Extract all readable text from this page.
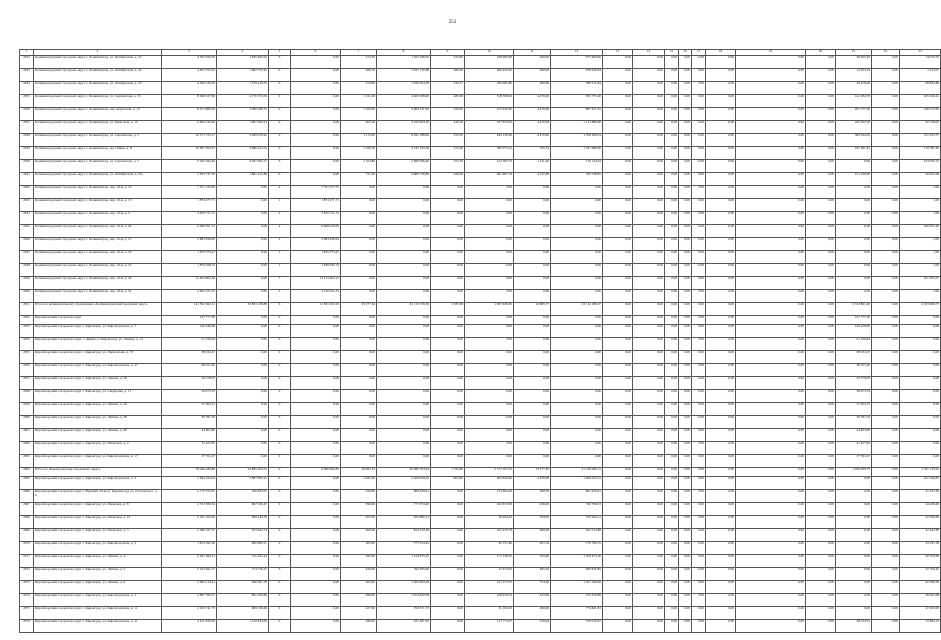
253
1	2	3	4	5	6	7	8	9	10	11	12	13	14	15	16	17	18	19	20	21	22	23
2932	Калининградский городской округ, г. Калининград, ул. Октябрьская, д. 23	4 782 050,50	1 845 846,94	0	0,00	574,50	1 055 298,30	333,90	238 085,90	490,00	975 608,90	0,00	0,00	0,00	0,00	0,00	0,00	0,00	0,00	58 305,40	0,00	14 076,70
2933	Калининградский городской округ, г. Калининград, ул. Октябрьская, д. 24	4 603 353,03	1 682 752,42	0	0,00	560,76	1 947 150,68	380,00	180 450,00	490,00	978 420,94	0,00	0,00	0,00	0,00	0,00	0,00	0,00	0,00	15 623,24	0,00	3 153,07
2934	Калининградский городской округ, г. Калининград, ул. Октябрьская, д. 25	4 599 530,30	1 579 419,35	0	0,00	579,90	1 938 504,38	336,17	185 965,80	490,00	788 315,84	0,00	0,00	0,00	0,00	0,00	0,00	0,00	0,00	39 479,90	0,00	68 825,86
2935	Калининградский городской округ, г. Калининград, ул. Сержантова, д. 72	8 048 327,96	4 170 723,59	0	0,00	1 151,00	4 463 308,00	485,00	518 598,02	4 470,00	835 575,20	0,00	0,00	0,00	0,00	0,00	0,00	0,00	0,00	141 284,70	0,00	165 349,41
2936	Калининградский городской округ, г. Калининград, пер. Береговой, д. 12	8 271 880,26	3 466 180,35	0	0,00	1 100,00	4 609 311,00	340,00	473 220,20	4 470,00	897 451,52	0,00	0,00	0,00	0,00	0,00	0,00	0,00	0,00	201 577,00	0,00	148 152,65
2937	Калининградский городской округ, г. Калининград, ул. Береговая, д. 13	6 692 245,09	1 967 306,13	0	0,00	603,50	3 019 604,50	436,50	437 670,02	4 470,00	1 131 886,60	0,00	0,00	0,00	0,00	0,00	0,00	0,00	0,00	185 202,50	0,00	92 749,03
2938	Калининградский городской округ, г. Калининград, ул. Сержантова, д. 5	10 171 725,17	5 289 979,42	0	0,00	1 115,00	6 041 188,00	335,50	294 158,20	4 470,00	1 799 308,34	0,00	0,00	0,00	0,00	0,00	0,00	0,00	0,00	309 544,50	0,00	211 035,57
2939	Калининградский городской округ, г. Калининград, пр-т Мира, д. 8	10 097 093,97	3 886 222,54	0	0,00	1 106,50	4 745 193,50	370,40	382 075,22	795,74	1 331 688,00	0,00	0,00	0,00	0,00	0,00	0,00	0,00	0,00	191 361,81	0,00	179 781,40
2940	Калининградский городской округ, г. Калининград, ул. Сержантова, д. 7	9 450 492,46	4 097 365,17	0	0,00	1 104,80	5 869 506,40	353,79	412 387,53	1 411,40	716 124,64	0,00	0,00	0,00	0,00	0,00	0,00	0,00	0,00	0,00	0,00	233 950,72
2941	Калининградский городской округ, г. Калининград, ул. Октябрьская, д. 21а	5 953 737,76	1 861 410,86	0	0,00	721,00	2 686 720,80	326,00	461 687,34	4 157,00	330 748,85	0,00	0,00	0,00	0,00	0,00	0,00	0,00	0,00	151 330,60	0,00	26 625,28
2942	Калининградский городской округ, г. Калининград, пер. 10-й, д. 19	7 551 155,00	0,00	4	7 551 077,57	0,00	0,00	0,00	0,00	0,00	0,00	0,00	0,00	0,00	0,00	0,00	0,00	0,00	0,00	0,00	0,00	1,00
2943	Калининградский городской округ, г. Калининград, пер. 10-й, д. 15	1 874 277,71	0,00	1	1 874 271,71	0,00	0,00	0,00	0,00	0,00	0,00	0,00	0,00	0,00	0,00	0,00	0,00	0,00	0,00	0,00	0,00	1,00
2944	Калининградский городской округ, г. Калининград, пер. 10-й, д. 5	3 670 721,72	0,00	2	3 670 721,72	0,00	0,00	0,00	0,00	0,00	0,00	0,00	0,00	0,00	0,00	0,00	0,00	0,00	0,00	0,00	0,00	1,00
2945	Калининградский городской округ, г. Калининград, пер. 10-й, д. 40	9 560 651,31	0,00	2	9 469 019,05	0,00	0,00	0,00	0,00	0,00	0,00	0,00	0,00	0,00	0,00	0,00	0,00	0,00	0,00	0,00	0,00	166 655,40
2946	Калининградский городской округ, г. Калининград, пер. 10-й, д. 15	2 883 836,90	0,00	2	2 883 836,93	0,00	0,00	0,00	0,00	0,00	0,00	0,00	0,00	0,00	0,00	0,00	0,00	0,00	0,00	0,00	0,00	1,00
2947	Калининградский городской округ, г. Калининград, пер. 10-й, д. 18	1 879 375,47	0,00	1	1 879 375,47	0,00	0,00	0,00	0,00	0,00	0,00	0,00	0,00	0,00	0,00	0,00	0,00	0,00	0,00	0,00	0,00	1,00
2948	Калининградский городской округ, г. Калининград, пер. 10-й, д. 16	1 879 298,74	0,00	1	1 638 295,74	0,00	0,00	0,00	0,00	0,00	0,00	0,00	0,00	0,00	0,00	0,00	0,00	0,00	0,00	0,00	0,00	1,00
2949	Калининградский городской округ, г. Калининград, пер. 10-й, д. 43	12 403 804,38	0,00	7	12 174 402,13	0,00	0,00	0,00	0,00	0,00	0,00	0,00	0,00	0,00	0,00	0,00	0,00	0,00	0,00	0,00	0,00	227 202,07
2950	Калининградский городской округ, г. Калининград, пер. 10-й, д. 52	2 695 357,23	0,00	3	2 130 541,23	0,00	0,00	0,00	0,00	0,00	0,00	0,00	0,00	0,00	0,00	0,00	0,00	0,00	0,00	0,00	0,00	1,00
2951	Итого по муниципальному образованию «Калининградский городской округ»	141 391 562,11	32 833 138,89	6	11 581 631,03	23 277,34	61 113 729,30	1 383,38	1 097 636,00	16 685,77	23 112 186,57	0,00	0,00	0,00	0,00	0,00	0,00	0,00	0,00	2 722 861,20	0,00	2 163 066,77
2952	Кировградский городской округ	147 777,36	0,00	0	0,00	0,00	0,00	0,00	0,00	0,00	0,00	0,00	0,00	0,00	0,00	0,00	0,00	0,00	0,00	147 777,36	0,00	0,00
2953	Кировградский городской округ, г. Кировград, ул. Кировградская, д. 7	140 348,69	0,00	0	0,00	0,00	0,00	0,00	0,00	0,00	0,00	0,00	0,00	0,00	0,00	0,00	0,00	0,00	0,00	140 348,69	0,00	0,00
2954	Кировградский городской округ, г. Левиха (г. Кировград), ул. Ленина, д. 14	51 226,64	0,00	0	0,00	0,00	0,00	0,00	0,00	0,00	0,00	0,00	0,00	0,00	0,00	0,00	0,00	0,00	0,00	51 226,64	0,00	0,00
2955	Кировградский городской округ, г. Кировград, ул. Лермонтова, д. 37	38 932,47	0,00	0	0,00	0,00	0,00	0,00	0,00	0,00	0,00	0,00	0,00	0,00	0,00	0,00	0,00	0,00	0,00	38 932,47	0,00	0,00
2956	Кировградский городской округ, г. Кировград, ул. Кировградская, д. 27	60 011,40	0,00	0	0,00	0,00	0,00	0,00	0,00	0,00	0,00	0,00	0,00	0,00	0,00	0,00	0,00	0,00	0,00	60 011,40	0,00	0,00
2957	Кировградский городской округ, г. Кировград, ул. Ленина, д. 28	29 579,05	0,00	0	0,00	0,00	0,00	0,00	0,00	0,00	0,00	0,00	0,00	0,00	0,00	0,00	0,00	0,00	0,00	29 579,05	0,00	0,00
2958	Кировградский городской округ, г. Кировград, ул. Свердлова, д. 11	56 875,53	0,00	0	0,00	0,00	0,00	0,00	0,00	0,00	0,00	0,00	0,00	0,00	0,00	0,00	0,00	0,00	0,00	56 875,53	0,00	0,00
2959	Кировградский городской округ, г. Кировград, ул. Ленина, д. 26	57 002,15	0,00	0	0,00	0,00	0,00	0,00	0,00	0,00	0,00	0,00	0,00	0,00	0,00	0,00	0,00	0,00	0,00	57 002,15	0,00	0,00
2960	Кировградский городской округ, г. Кировград, ул. Ленина, д. 38	39 781,70	0,00	0	0,00	0,00	0,00	0,00	0,00	0,00	0,00	0,00	0,00	0,00	0,00	0,00	0,00	0,00	0,00	39 781,70	0,00	0,00
2961	Кировградский городской округ, г. Кировград, ул. Ленина, д. 40	44 803,60	0,00	0	0,00	0,00	0,00	0,00	0,00	0,00	0,00	0,00	0,00	0,00	0,00	0,00	0,00	0,00	0,00	44 803,60	0,00	0,00
2962	Кировградский городской округ, г. Кировград, ул. Пионеров, д. 2	31 427,65	0,00	0	0,00	0,00	0,00	0,00	0,00	0,00	0,00	0,00	0,00	0,00	0,00	0,00	0,00	0,00	0,00	31 427,65	0,00	0,00
2963	Кировградский городской округ, г. Кировград, ул. Кировградская, д. 17	37 761,27	0,00	0	0,00	0,00	0,00	0,00	0,00	0,00	0,00	0,00	0,00	0,00	0,00	0,00	0,00	0,00	0,00	37 761,27	0,00	0,00
2964	Итого по Кировградскому городскому округу	78 446 289,89	24 865 304,52	0	0 990 969,85	16 097,43	29 380 704,94	1 793,80	2 573 167,63	13 577,40	21 316 990,15	0,00	0,00	0,00	0,00	0,00	0,00	0,00	0,00	1 036 068,73	0,00	1 767 135,92
2965	Кировградский городской округ, г. Кировград, ул. Кировградская, д. 2	5 943 164,04	2 887 995,41	0	0,00	1 063,00	2 306 959,45	803,00	203 630,84	4 470,00	1 499 025,72	0,00	0,00	0,00	0,00	0,00	0,00	0,00	0,00	0,00	0,00	161 346,81
2966	Кировградский городской округ, г. Верхний Тагил (г. Кировград), ул. Островского, д. 9	2 776 355,97	760 853,07	0	0,00	356,00	899 828,01	0,00	173 604,00	399,38	861 625,01	0,00	0,00	0,00	0,00	0,00	0,00	0,00	0,00	0,00	0,00	41 341,30
2967	Кировградский городской округ, г. Кировград, ул. Пионеров, д. 8	2 572 309,34	847 036,47	0	0,00	399,00	777 074,40	0,00	192 672,00	436,00	740 796,33	0,00	0,00	0,00	0,00	0,00	0,00	0,00	0,00	0,00	0,00	44 466,46
2968	Кировградский городской округ, г. Кировград, ул. Пионеров, д. 12	2 541 102,26	820 448,18	0	0,00	403,30	825 866,13	0,00	39 484,02	544,00	750 202,21	0,00	0,00	0,00	0,00	0,00	0,00	0,00	0,00	0,00	0,00	42 590,60
2969	Кировградский городской округ, г. Кировград, ул. Пионеров, д. 3	2 389 167,27	673 642,74	0	0,00	400,00	814 379,39	0,00	165 455,79	400,00	622 214,89	0,00	0,00	0,00	0,00	0,00	0,00	0,00	0,00	0,00	0,00	41 247,89
2970	Кировградский городской округ, г. Кировград, ул. Кировградская, д. 5	1 674 392,30	900 890,17	0	0,00	365,00	777 974,45	0,00	45 151,40	461,79	770 799,35	0,00	0,00	0,00	0,00	0,00	0,00	0,00	0,00	0,00	0,00	43 197,18
2971	Кировградский городской округ, г. Кировград, ул. Ленина, д. 4	2 291 284,51	725 450,44	0	0,00	395,00	1 219 875,25	0,00	171 378,25	595,90	1 359 473,20	0,00	0,00	0,00	0,00	0,00	0,00	0,00	0,00	0,00	0,00	40 709,69
2972	Кировградский городской округ, г. Кировград, ул. Ленина, д. 5	2 163 661,27	774 776,47	0	0,00	426,00	764 565,00	0,00	31 672,97	495,29	460 656,85	0,00	0,00	0,00	0,00	0,00	0,00	0,00	0,00	0,00	0,00	32 709,40
2973	Кировградский городской округ, г. Кировград, ул. Ленина, д. 9	2 992 219,41	620 561,76	0	0,00	363,00	1 363 962,04	0,00	121 373,53	754,46	1 321 240,06	0,00	0,00	0,00	0,00	0,00	0,00	0,00	0,00	0,00	0,00	42 396,50
2974	Кировградский городской округ, г. Кировград, ул. Кировградская, д. 2	2 687 760,37	991 520,66	0	0,00	398,00	1 074 656,58	0,00	158 670,53	433,90	415 379,86	0,00	0,00	0,00	0,00	0,00	0,00	0,00	0,00	0,00	0,00	38 507,08
2975	Кировградский городской округ, г. Кировград, ул. Кировградская, д. 11	2 163 741,75	609 749,66	0	0,00	427,00	764 571,73	0,00	31 100,10	490,00	774 601,81	0,00	0,00	0,00	0,00	0,00	0,00	0,00	0,00	0,00	0,00	47 450,00
2976	Кировградский городской округ, г. Кировград, ул. Кировградская, д. 21	2 611 830,00	1 370 834,00	0	0,00	386,02	427 461,02	0,00	117 773,07	436,04	758 918,07	0,00	0,00	0,00	0,00	0,00	0,00	0,00	0,00	28 534,91	0,00	72 884,14
